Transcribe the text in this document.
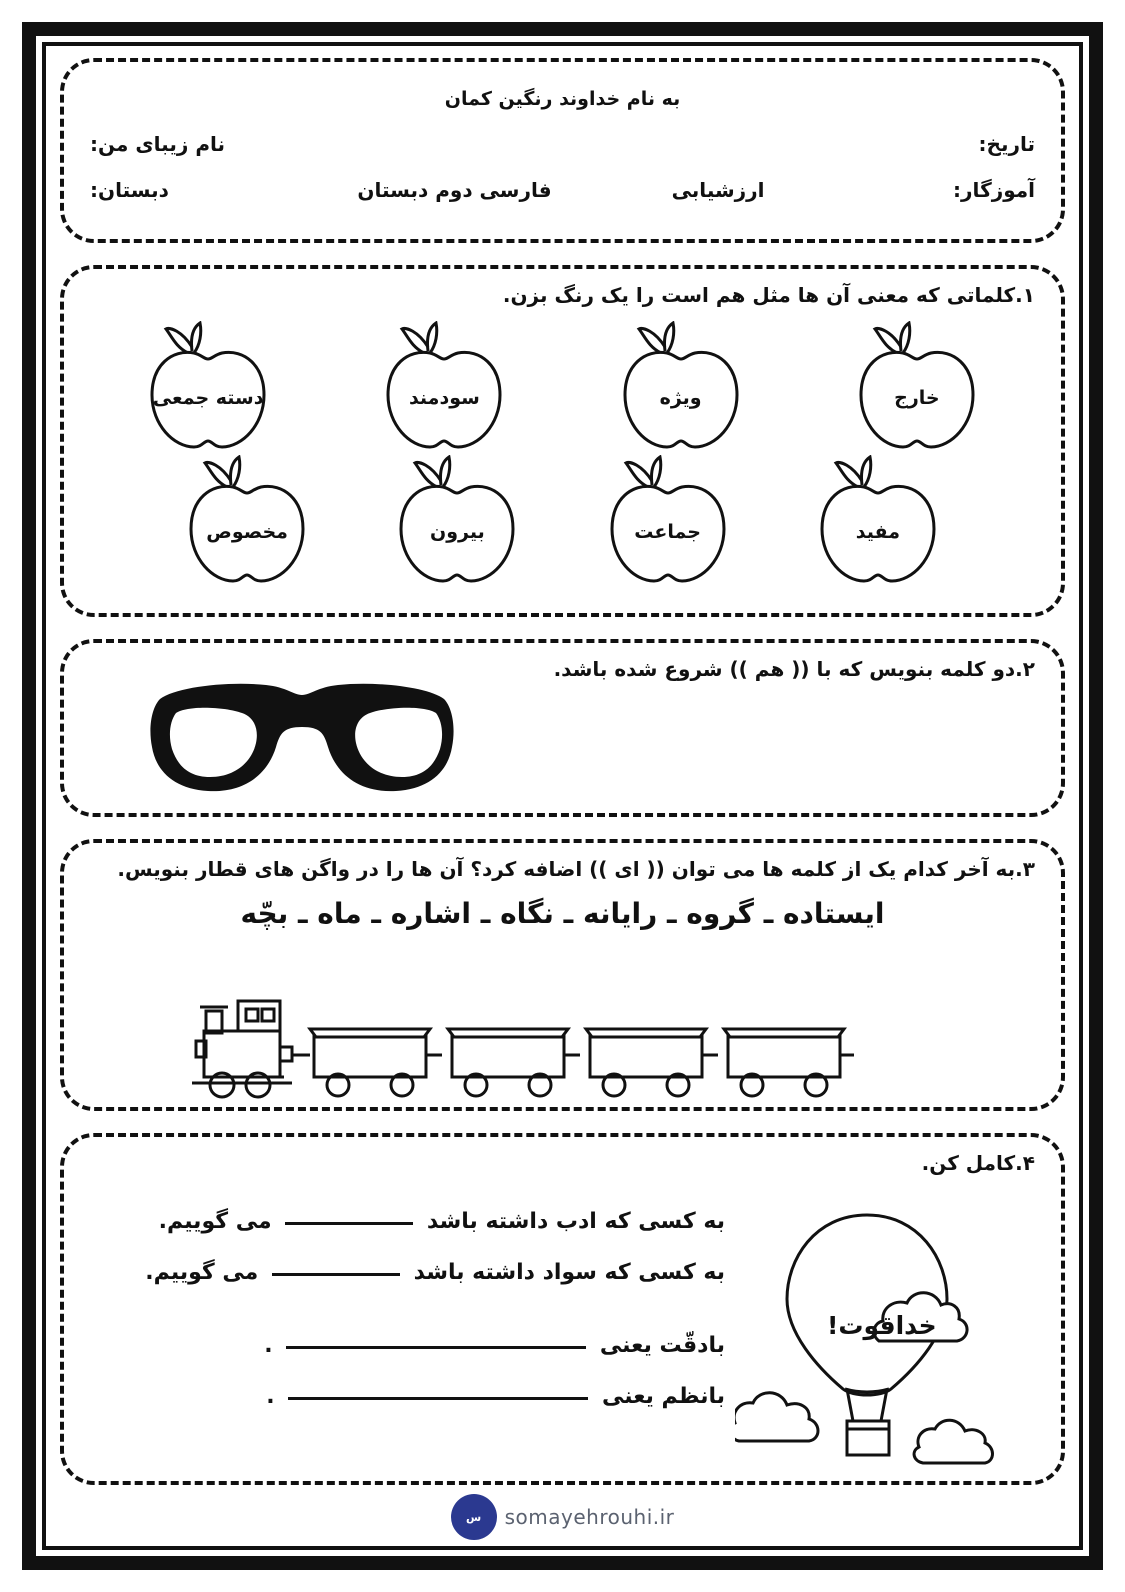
به نام خداوند رنگین کمان
نام زیبای من:	تاریخ:
دبستان:	ارزشیابی
فارسی دوم دبستان	آموزگار:
۱.کلماتی که معنی آن ها مثل هم است را یک رنگ بزن.
دسته جمعی	سودمند	ویژه	خارج
مخصوص	بیرون	جماعت	مفید
۲.دو کلمه بنویس که با (( هم )) شروع شده باشد.
۳.به آخر کدام یک از کلمه ها می توان (( ای )) اضافه کرد؟ آن ها را در واگن های قطار بنویس.
ایستاده ـ گروه ـ رایانه ـ نگاه ـ اشاره ـ ماه ـ بچّه
۴.کامل کن.
به کسی که ادب داشته باشد  می گوییم.
به کسی که سواد داشته باشد  می گوییم.
بادقّت یعنی  .
بانظم یعنی  .
خداقوت!
س	somayehrouhi.ir
